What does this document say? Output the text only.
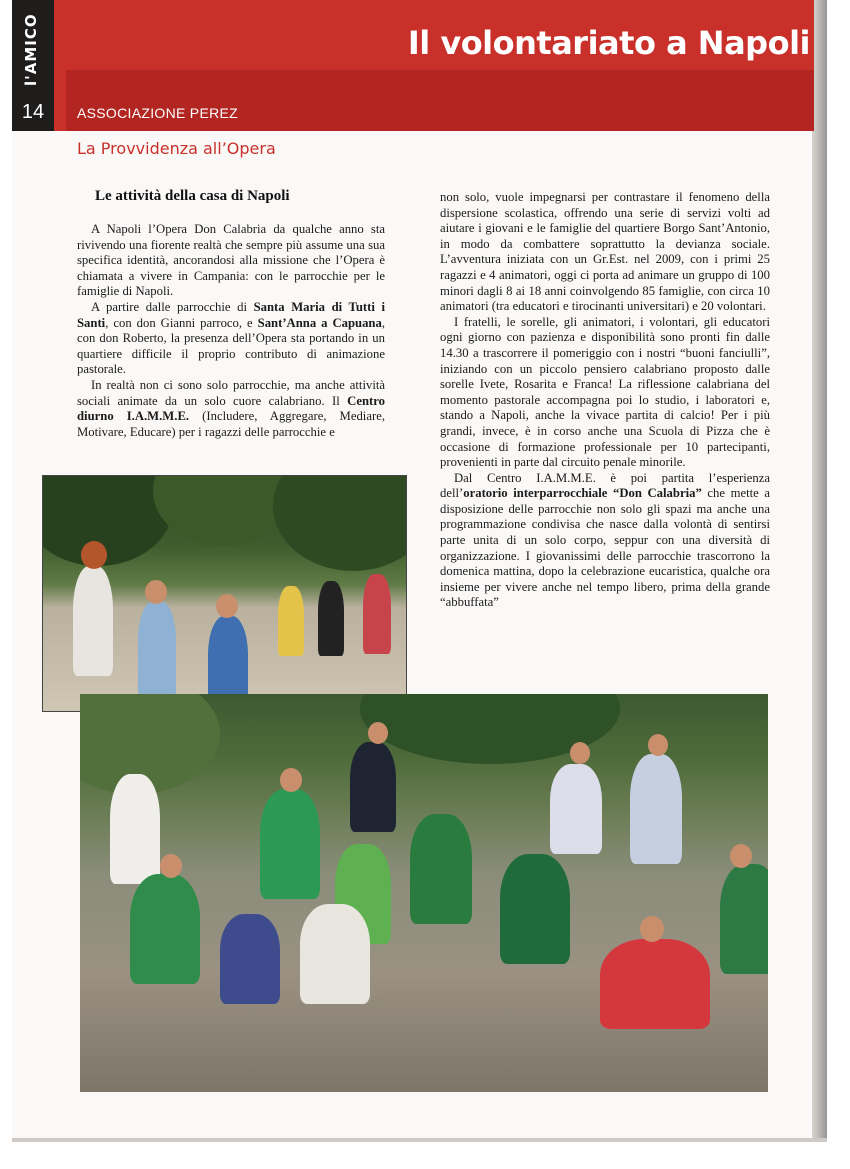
l'AMICO
14
Il volontariato a Napoli
ASSOCIAZIONE PEREZ
La Provvidenza all’Opera
Le attività della casa di Napoli

A Napoli l’Opera Don Calabria da qualche anno sta rivivendo una fiorente realtà che sempre più assume una sua specifica identità, ancorandosi alla missione che l’Opera è chiamata a vivere in Campania: con le parrocchie per le famiglie di Napoli.

A partire dalle parrocchie di Santa Maria di Tutti i Santi, con don Gianni parroco, e Sant’Anna a Capuana, con don Roberto, la presenza dell’Opera sta portando in un quartiere difficile il proprio contributo di animazione pastorale.

In realtà non ci sono solo parrocchie, ma anche attività sociali animate da un solo cuore calabriano. Il Centro diurno I.A.M.M.E. (Includere, Aggregare, Mediare, Motivare, Educare) per i ragazzi delle parrocchie e

non solo, vuole impegnarsi per contrastare il fenomeno della dispersione scolastica, offrendo una serie di servizi volti ad aiutare i giovani e le famiglie del quartiere Borgo Sant’Antonio, in modo da combattere soprattutto la devianza sociale. L’avventura iniziata con un Gr.Est. nel 2009, con i primi 25 ragazzi e 4 animatori, oggi ci porta ad animare un gruppo di 100 minori dagli 8 ai 18 anni coinvolgendo 85 famiglie, con circa 10 animatori (tra educatori e tirocinanti universitari) e 20 volontari.

I fratelli, le sorelle, gli animatori, i volontari, gli educatori ogni giorno con pazienza e disponibilità sono pronti fin dalle 14.30 a trascorrere il pomeriggio con i nostri “buoni fanciulli”, iniziando con un piccolo pensiero calabriano proposto dalle sorelle Ivete, Rosarita e Franca! La riflessione calabriana del momento pastorale accompagna poi lo studio, i laboratori e, stando a Napoli, anche la vivace partita di calcio! Per i più grandi, invece, è in corso anche una Scuola di Pizza che è occasione di formazione professionale per 10 partecipanti, provenienti in parte dal circuito penale minorile.

Dal Centro I.A.M.M.E. è poi partita l’esperienza dell’oratorio interparrocchiale “Don Calabria” che mette a disposizione delle parrocchie non solo gli spazi ma anche una programmazione condivisa che nasce dalla volontà di sentirsi parte unita di un solo corpo, seppur con una diversità di organizzazione. I giovanissimi delle parrocchie trascorrono la domenica mattina, dopo la celebrazione eucaristica, qualche ora insieme per vivere anche nel tempo libero, prima della grande “abbuffata”
